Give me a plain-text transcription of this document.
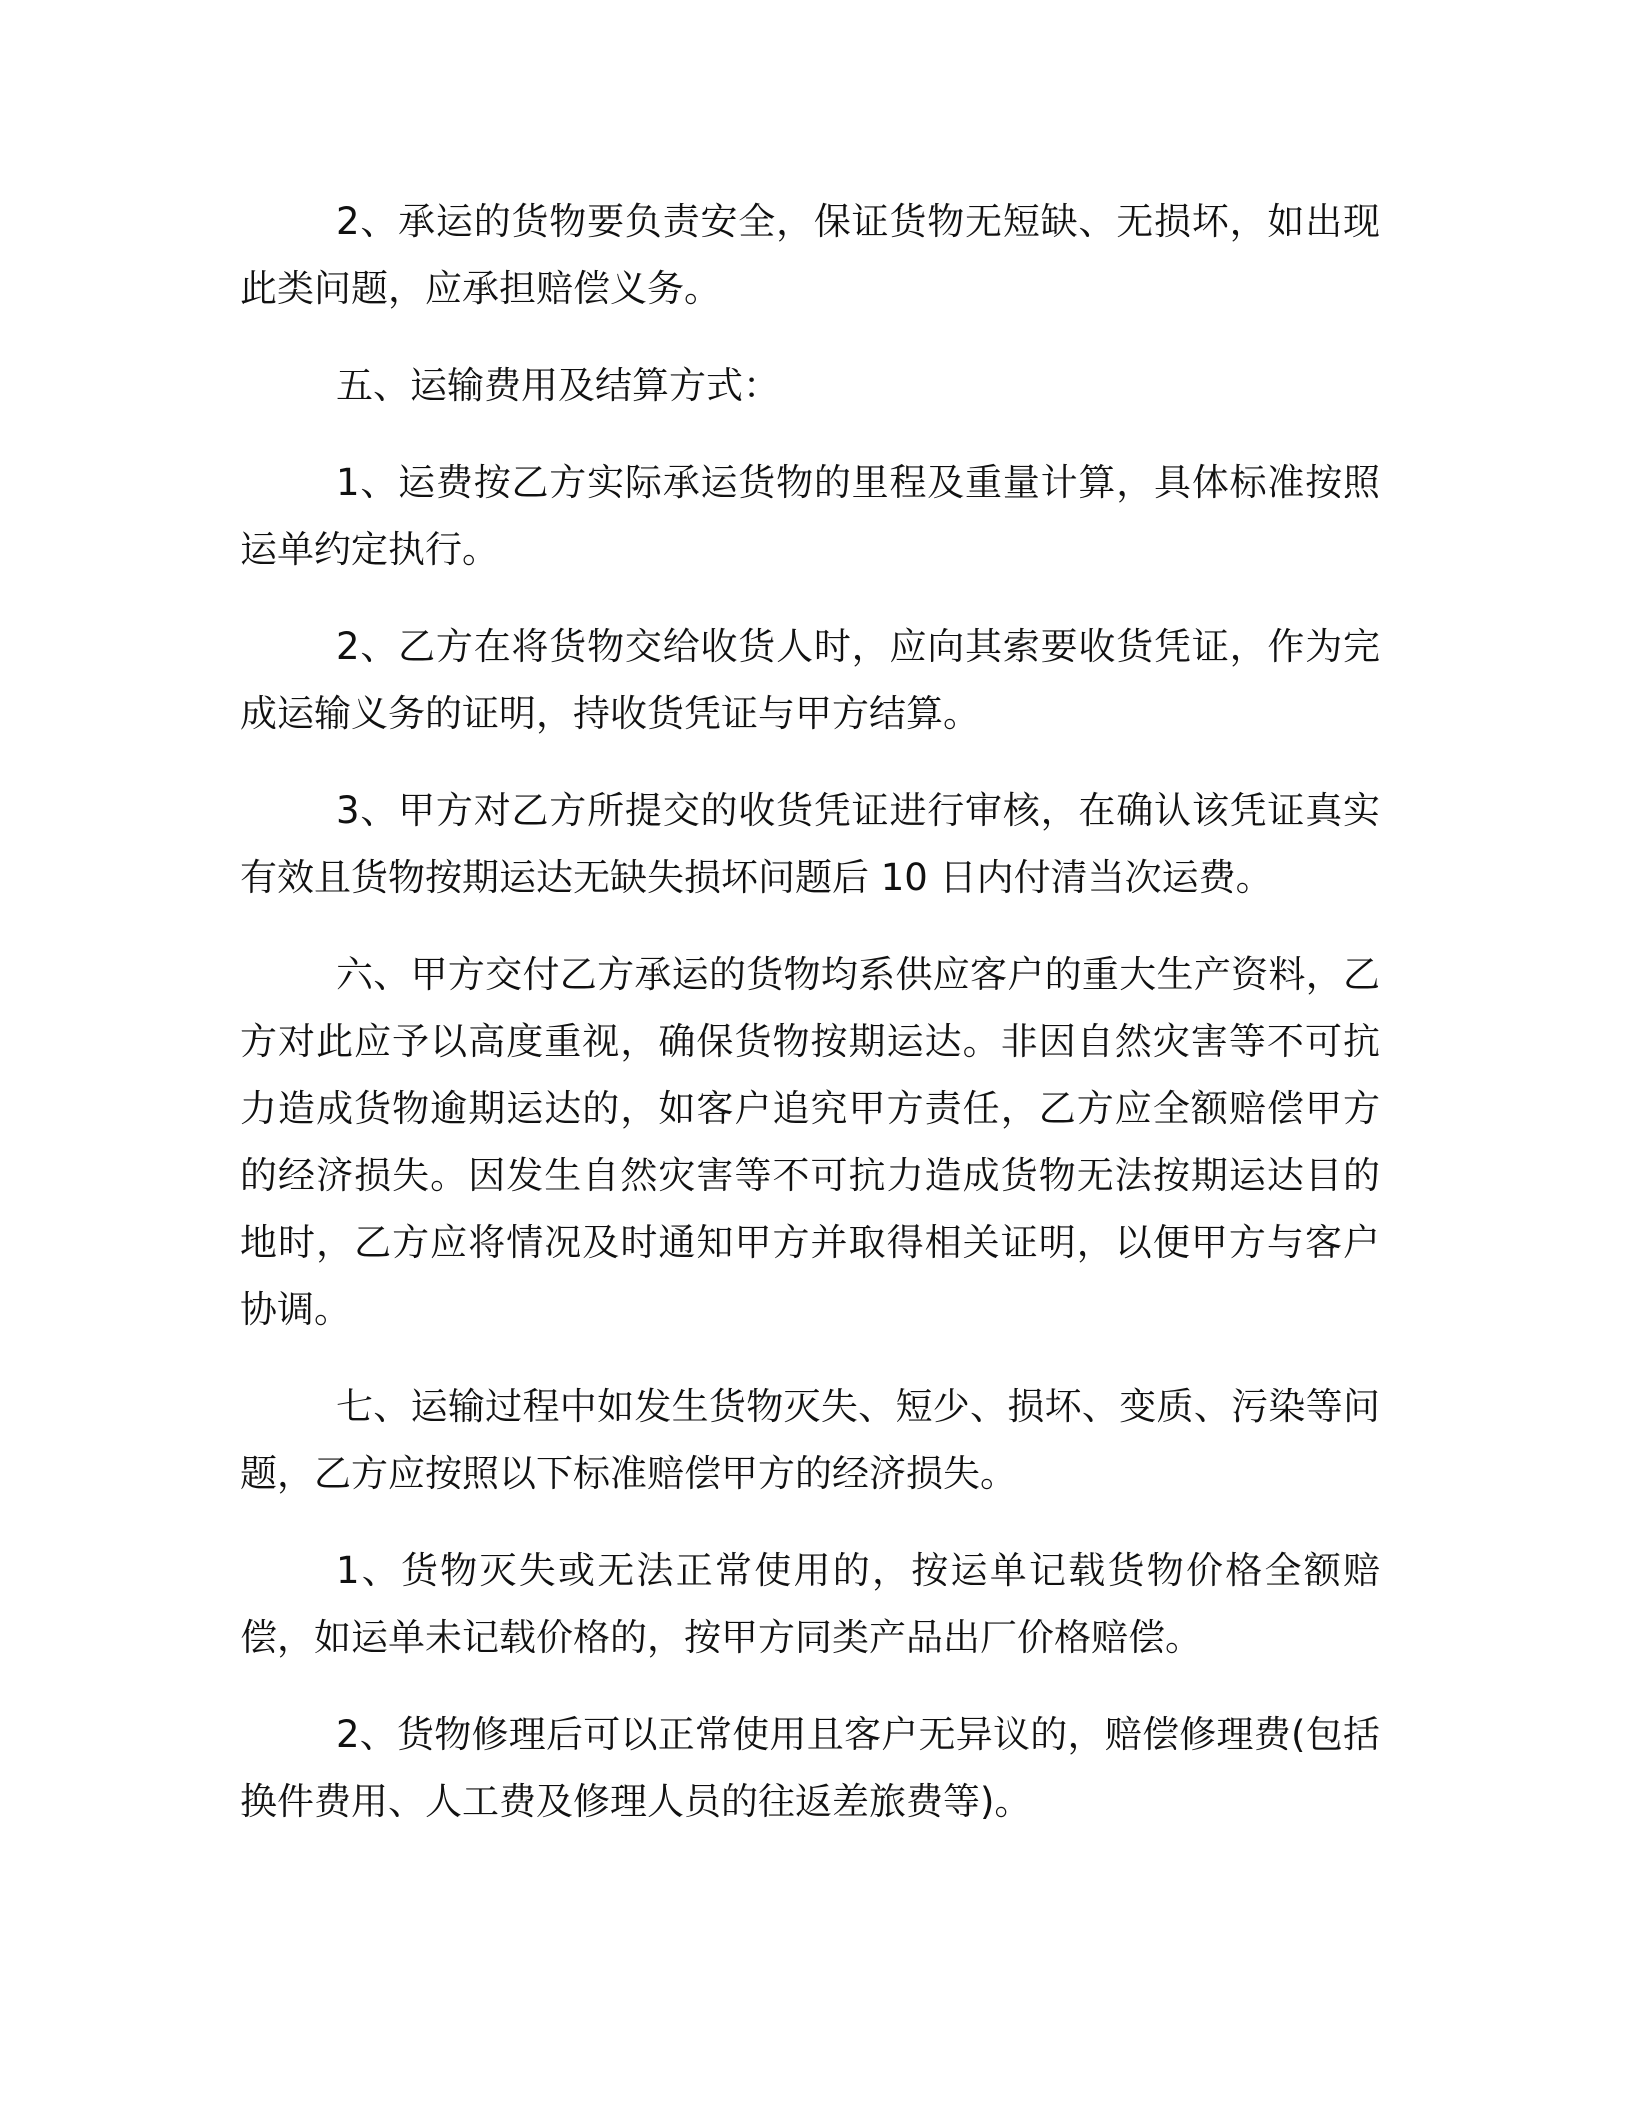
2、承运的货物要负责安全，保证货物无短缺、无损坏，如出现此类问题，应承担赔偿义务。

五、运输费用及结算方式：

1、运费按乙方实际承运货物的里程及重量计算，具体标准按照运单约定执行。

2、乙方在将货物交给收货人时，应向其索要收货凭证，作为完成运输义务的证明，持收货凭证与甲方结算。

3、甲方对乙方所提交的收货凭证进行审核，在确认该凭证真实有效且货物按期运达无缺失损坏问题后 10 日内付清当次运费。

六、甲方交付乙方承运的货物均系供应客户的重大生产资料，乙方对此应予以高度重视，确保货物按期运达。非因自然灾害等不可抗力造成货物逾期运达的，如客户追究甲方责任，乙方应全额赔偿甲方的经济损失。因发生自然灾害等不可抗力造成货物无法按期运达目的地时，乙方应将情况及时通知甲方并取得相关证明，以便甲方与客户协调。

七、运输过程中如发生货物灭失、短少、损坏、变质、污染等问题，乙方应按照以下标准赔偿甲方的经济损失。

1、货物灭失或无法正常使用的，按运单记载货物价格全额赔偿，如运单未记载价格的，按甲方同类产品出厂价格赔偿。

2、货物修理后可以正常使用且客户无异议的，赔偿修理费(包括换件费用、人工费及修理人员的往返差旅费等)。
